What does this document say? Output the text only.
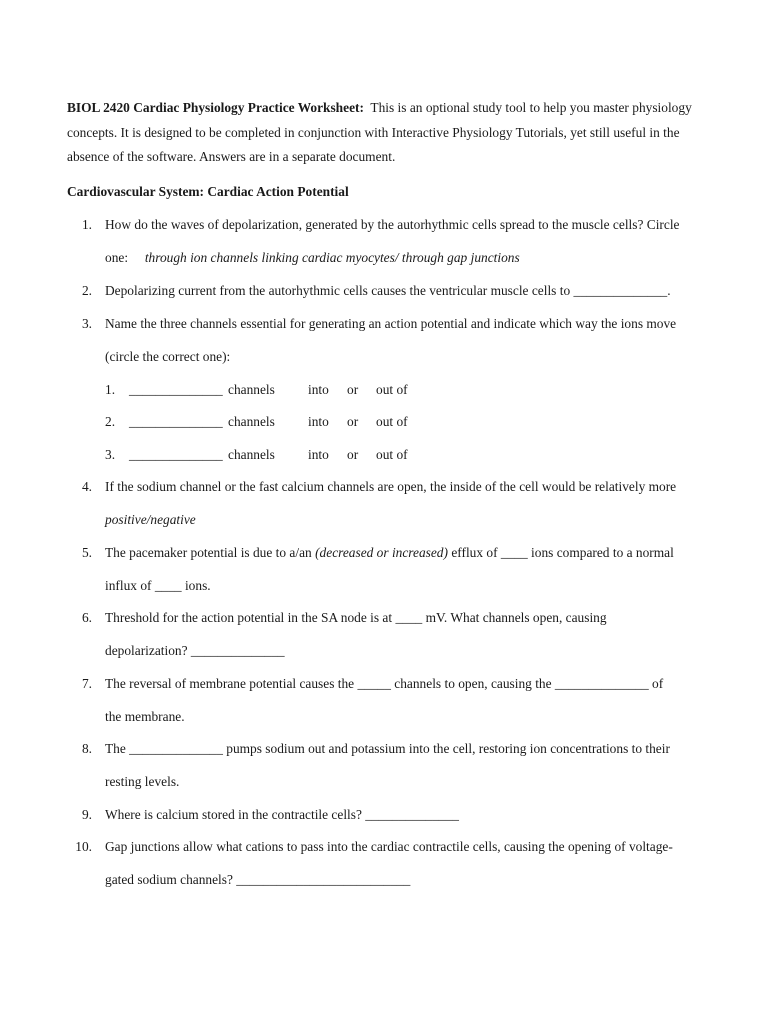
BIOL 2420 Cardiac Physiology Practice Worksheet: This is an optional study tool to help you master physiology concepts. It is designed to be completed in conjunction with Interactive Physiology Tutorials, yet still useful in the absence of the software. Answers are in a separate document.
Cardiovascular System: Cardiac Action Potential
1. How do the waves of depolarization, generated by the autorhythmic cells spread to the muscle cells? Circle
one: through ion channels linking cardiac myocytes/ through gap junctions
2. Depolarizing current from the autorhythmic cells causes the ventricular muscle cells to ______________.
3. Name the three channels essential for generating an action potential and indicate which way the ions move
(circle the correct one):
1. ______________ channels into or out of
2. ______________ channels into or out of
3. ______________ channels into or out of
4. If the sodium channel or the fast calcium channels are open, the inside of the cell would be relatively more
positive/negative
5. The pacemaker potential is due to a/an (decreased or increased) efflux of ____ ions compared to a normal
influx of ____ ions.
6. Threshold for the action potential in the SA node is at ____ mV. What channels open, causing
depolarization? ______________
7. The reversal of membrane potential causes the _____ channels to open, causing the ______________ of
the membrane.
8. The ______________ pumps sodium out and potassium into the cell, restoring ion concentrations to their
resting levels.
9. Where is calcium stored in the contractile cells? ______________
10. Gap junctions allow what cations to pass into the cardiac contractile cells, causing the opening of voltage-
gated sodium channels? __________________________
